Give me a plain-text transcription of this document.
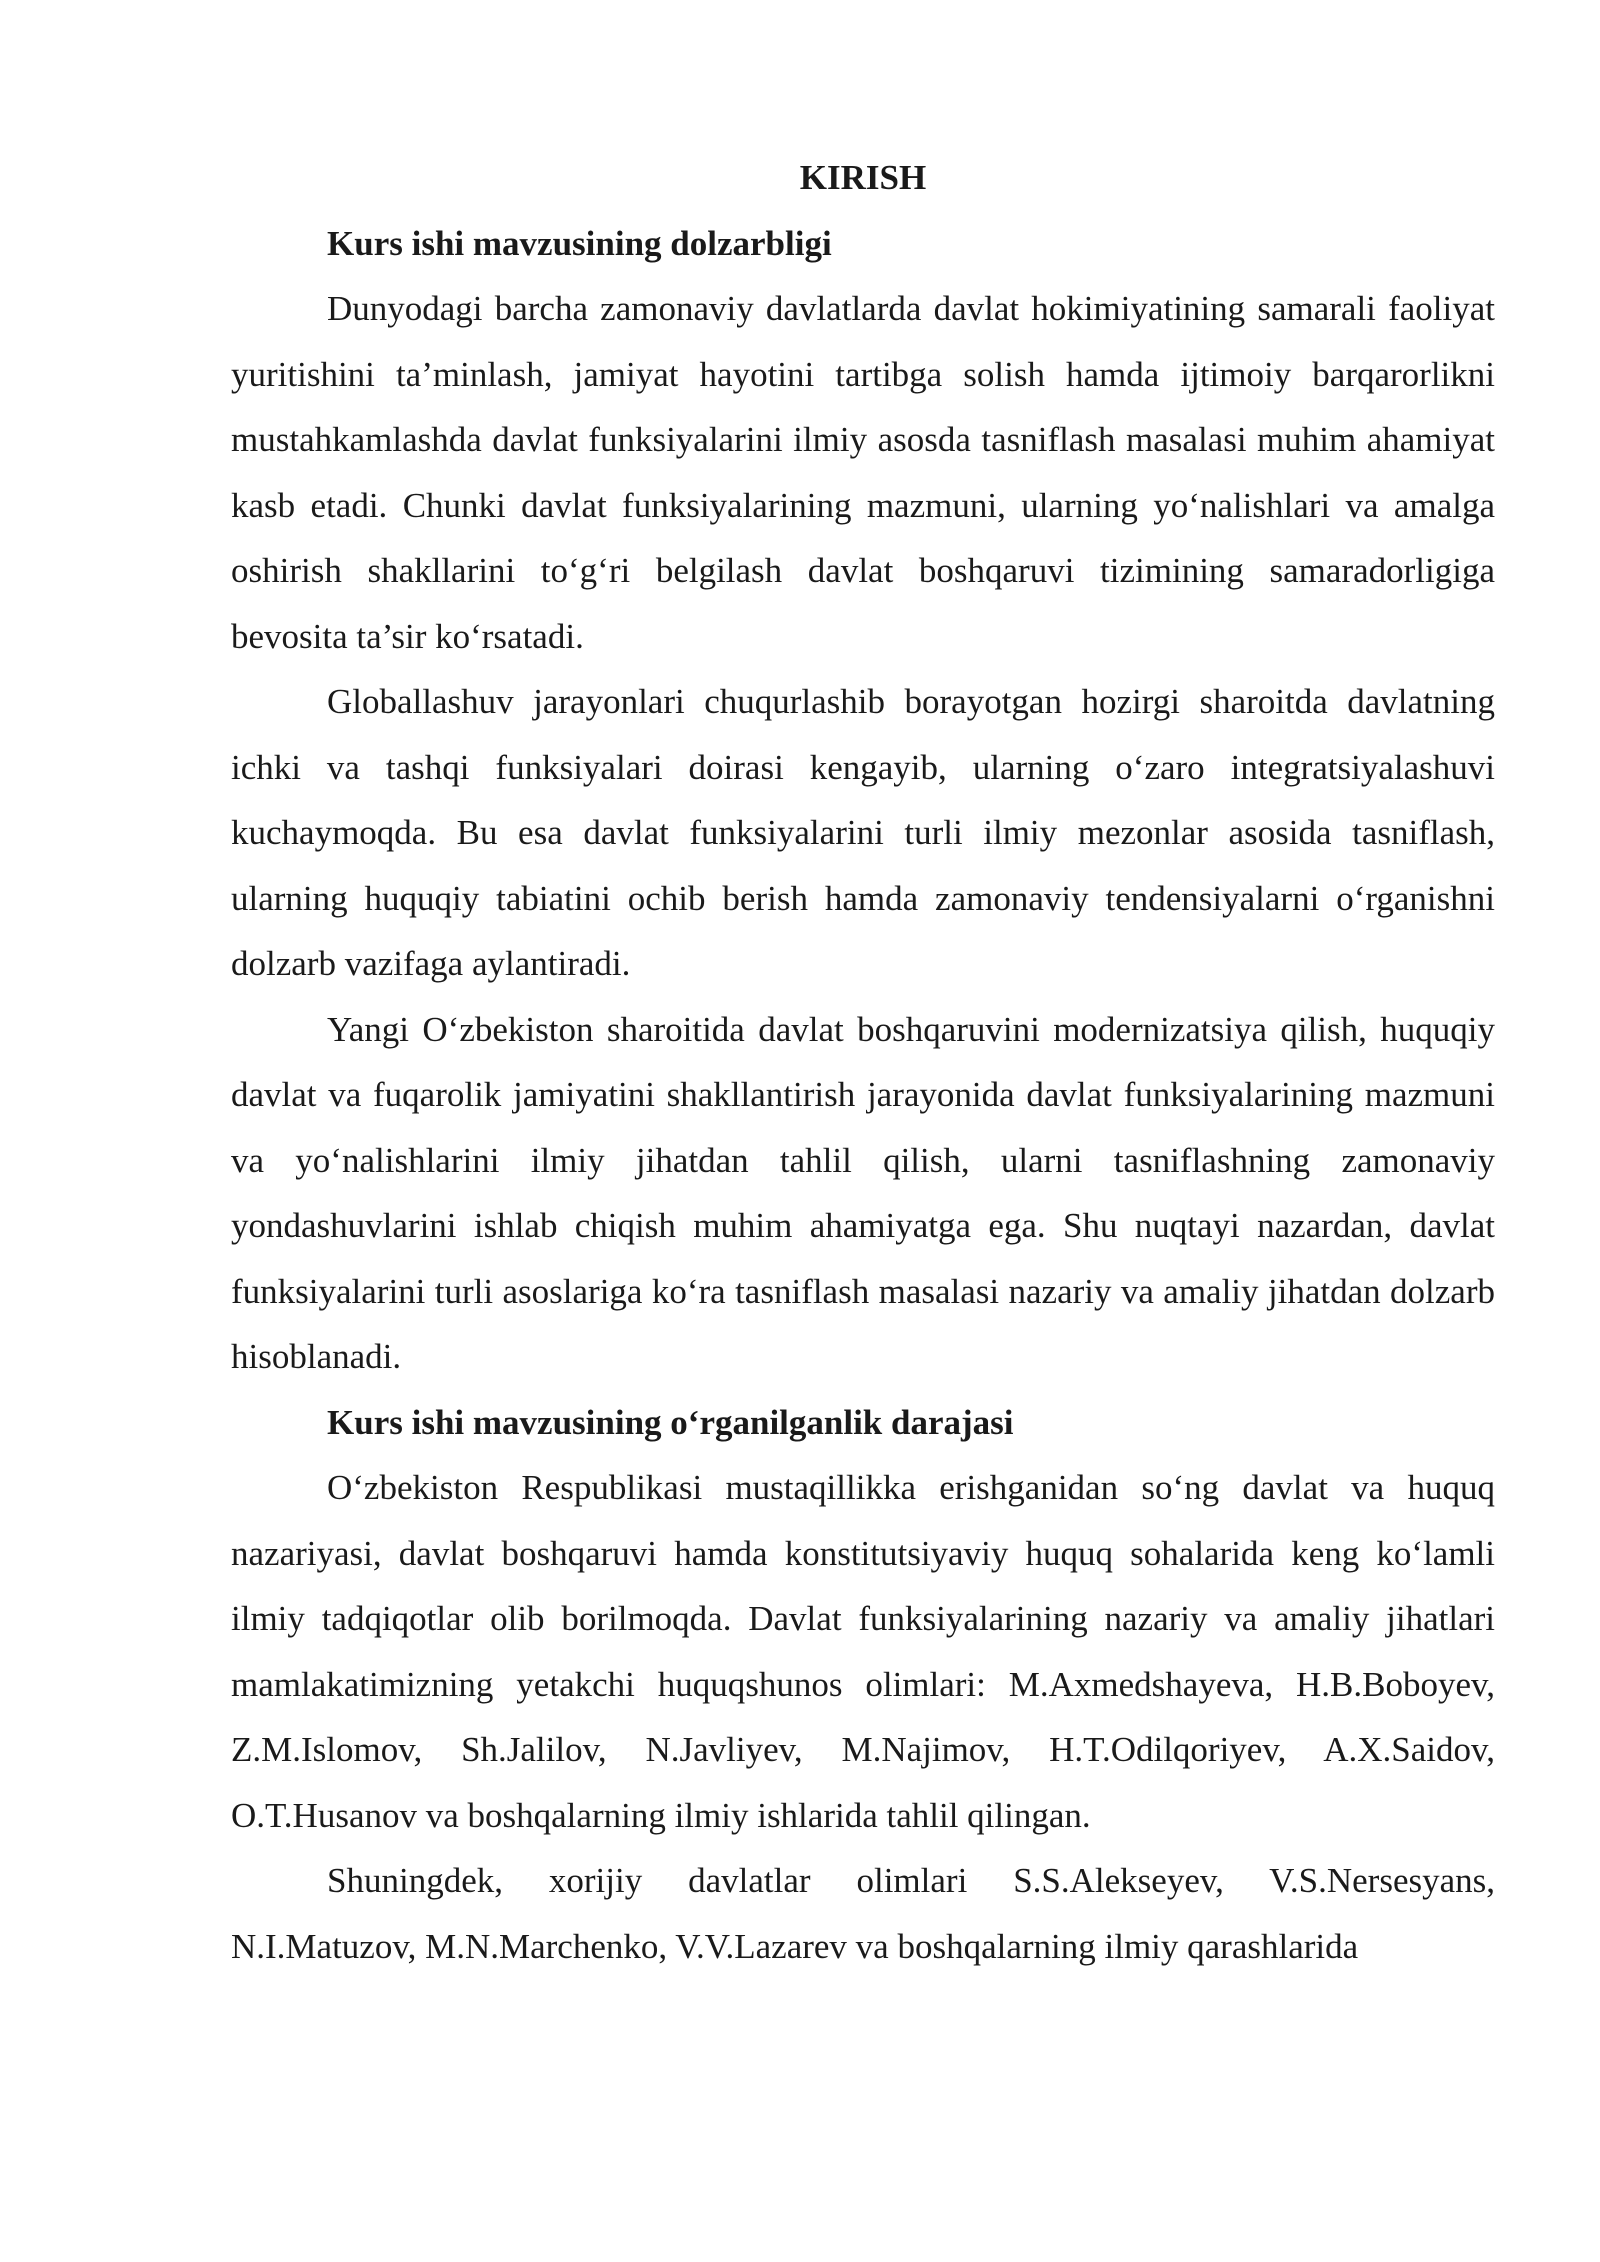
KIRISH

Kurs ishi mavzusining dolzarbligi

Dunyodagi barcha zamonaviy davlatlarda davlat hokimiyatining samarali faoliyat yuritishini ta’minlash, jamiyat hayotini tartibga solish hamda ijtimoiy barqarorlikni mustahkamlashda davlat funksiyalarini ilmiy asosda tasniflash masalasi muhim ahamiyat kasb etadi. Chunki davlat funksiyalarining mazmuni, ularning yo‘nalishlari va amalga oshirish shakllarini to‘g‘ri belgilash davlat boshqaruvi tizimining samaradorligiga bevosita ta’sir ko‘rsatadi.

Globallashuv jarayonlari chuqurlashib borayotgan hozirgi sharoitda davlatning ichki va tashqi funksiyalari doirasi kengayib, ularning o‘zaro integratsiyalashuvi kuchaymoqda. Bu esa davlat funksiyalarini turli ilmiy mezonlar asosida tasniflash, ularning huquqiy tabiatini ochib berish hamda zamonaviy tendensiyalarni o‘rganishni dolzarb vazifaga aylantiradi.

Yangi O‘zbekiston sharoitida davlat boshqaruvini modernizatsiya qilish, huquqiy davlat va fuqarolik jamiyatini shakllantirish jarayonida davlat funksiyalarining mazmuni va yo‘nalishlarini ilmiy jihatdan tahlil qilish, ularni tasniflashning zamonaviy yondashuvlarini ishlab chiqish muhim ahamiyatga ega. Shu nuqtayi nazardan, davlat funksiyalarini turli asoslariga ko‘ra tasniflash masalasi nazariy va amaliy jihatdan dolzarb hisoblanadi.

Kurs ishi mavzusining o‘rganilganlik darajasi

O‘zbekiston Respublikasi mustaqillikka erishganidan so‘ng davlat va huquq nazariyasi, davlat boshqaruvi hamda konstitutsiyaviy huquq sohalarida keng ko‘lamli ilmiy tadqiqotlar olib borilmoqda. Davlat funksiyalarining nazariy va amaliy jihatlari mamlakatimizning yetakchi huquqshunos olimlari: M.Axmedshayeva, H.B.Boboyev, Z.M.Islomov, Sh.Jalilov, N.Javliyev, M.Najimov, H.T.Odilqoriyev, A.X.Saidov, O.T.Husanov va boshqalarning ilmiy ishlarida tahlil qilingan.

Shuningdek, xorijiy davlatlar olimlari S.S.Alekseyev, V.S.Nersesyans, N.I.Matuzov, M.N.Marchenko, V.V.Lazarev va boshqalarning ilmiy qarashlarida
